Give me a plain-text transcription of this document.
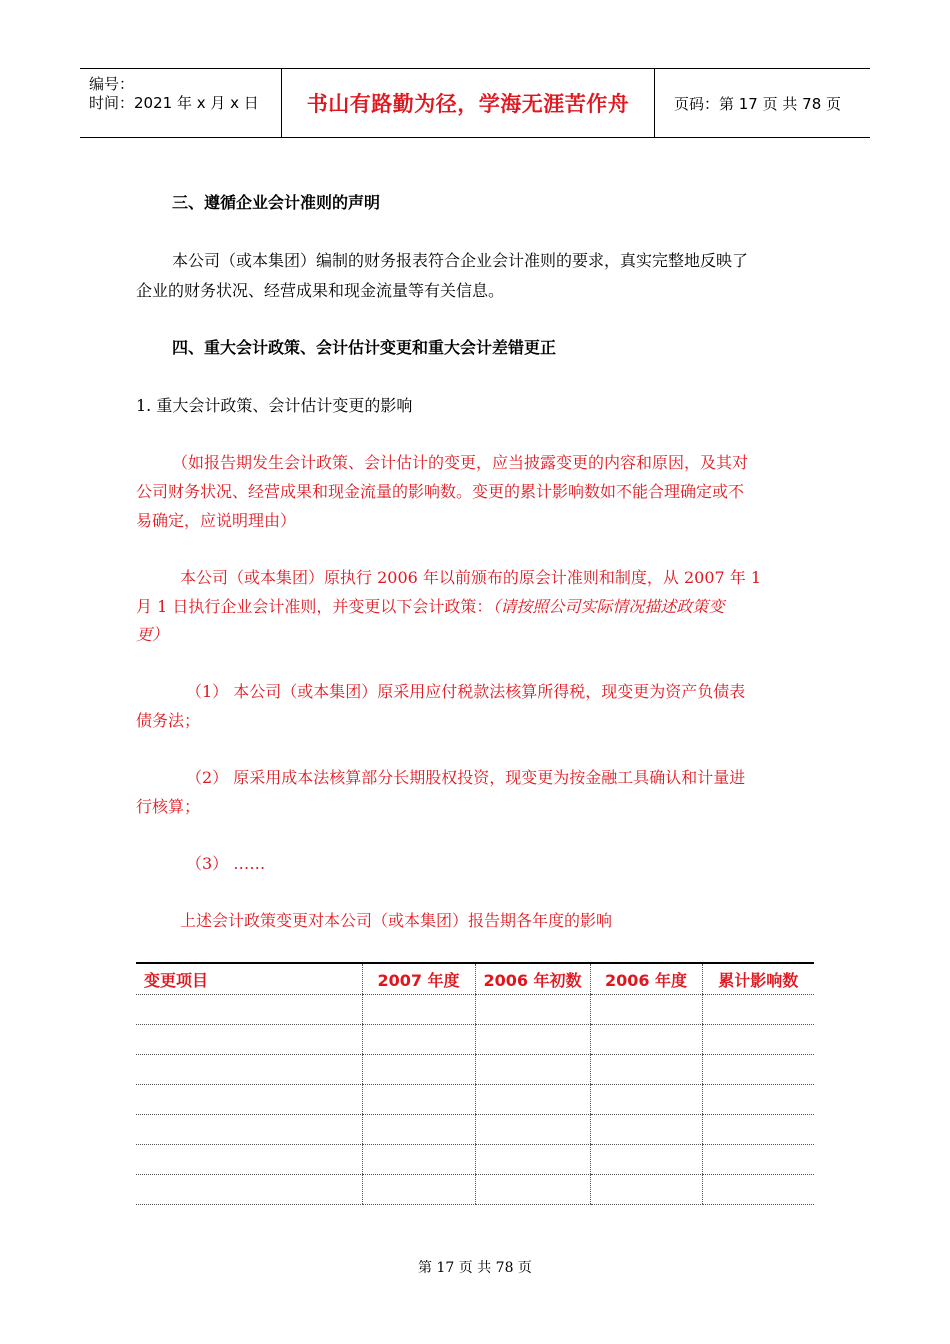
编号：
时间：2021 年 x 月 x 日	书山有路勤为径，学海无涯苦作舟	页码：第 17 页 共 78 页
三、遵循企业会计准则的声明
本公司（或本集团）编制的财务报表符合企业会计准则的要求，真实完整地反映了
企业的财务状况、经营成果和现金流量等有关信息。
四、重大会计政策、会计估计变更和重大会计差错更正
1. 重大会计政策、会计估计变更的影响
（如报告期发生会计政策、会计估计的变更，应当披露变更的内容和原因，及其对
公司财务状况、经营成果和现金流量的影响数。变更的累计影响数如不能合理确定或不
易确定，应说明理由）
本公司（或本集团）原执行 2006 年以前颁布的原会计准则和制度，从 2007 年 1
月 1 日执行企业会计准则，并变更以下会计政策：（请按照公司实际情况描述政策变
更）
（1） 本公司（或本集团）原采用应付税款法核算所得税，现变更为资产负债表
债务法；
（2） 原采用成本法核算部分长期股权投资，现变更为按金融工具确认和计量进
行核算；
（3） ……
上述会计政策变更对本公司（或本集团）报告期各年度的影响
变更项目	2007 年度	2006 年初数	2006 年度	累计影响数

第 17 页 共 78 页
